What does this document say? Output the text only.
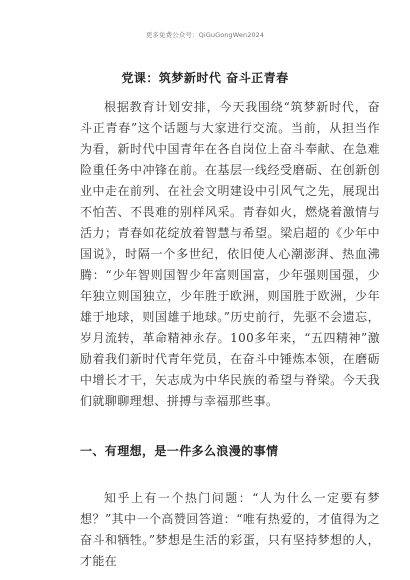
更多免费公众号：QiGuGongWen2024
党课：筑梦新时代 奋斗正青春

根据教育计划安排，今天我围绕“筑梦新时代，奋斗正青春”这个话题与大家进行交流。当前，从担当作为看，新时代中国青年在各自岗位上奋斗奉献、在急难险重任务中冲锋在前。在基层一线经受磨砺、在创新创业中走在前列、在社会文明建设中引风气之先，展现出不怕苦、不畏难的别样风采。青春如火，燃烧着激情与活力；青春如花绽放着智慧与希望。梁启超的《少年中国说》，时隔一个多世纪，依旧使人心潮澎湃、热血沸腾：“少年智则国智少年富则国富，少年强则国强，少年独立则国独立，少年胜于欧洲，则国胜于欧洲，少年雄于地球，则国雄于地球。”历史前行，先驱不会遗忘，岁月流转，革命精神永存。100多年来，“五四精神”激励着我们新时代青年党员，在奋斗中锤炼本领，在磨砺中增长才干，矢志成为中华民族的希望与脊梁。今天我们就聊聊理想、拼搏与幸福那些事。

一、有理想，是一件多么浪漫的事情

知乎上有一个热门问题：“人为什么一定要有梦想？”其中一个高赞回答道：“唯有热爱的，才值得为之奋斗和牺牲。”梦想是生活的彩蛋，只有坚持梦想的人，才能在
